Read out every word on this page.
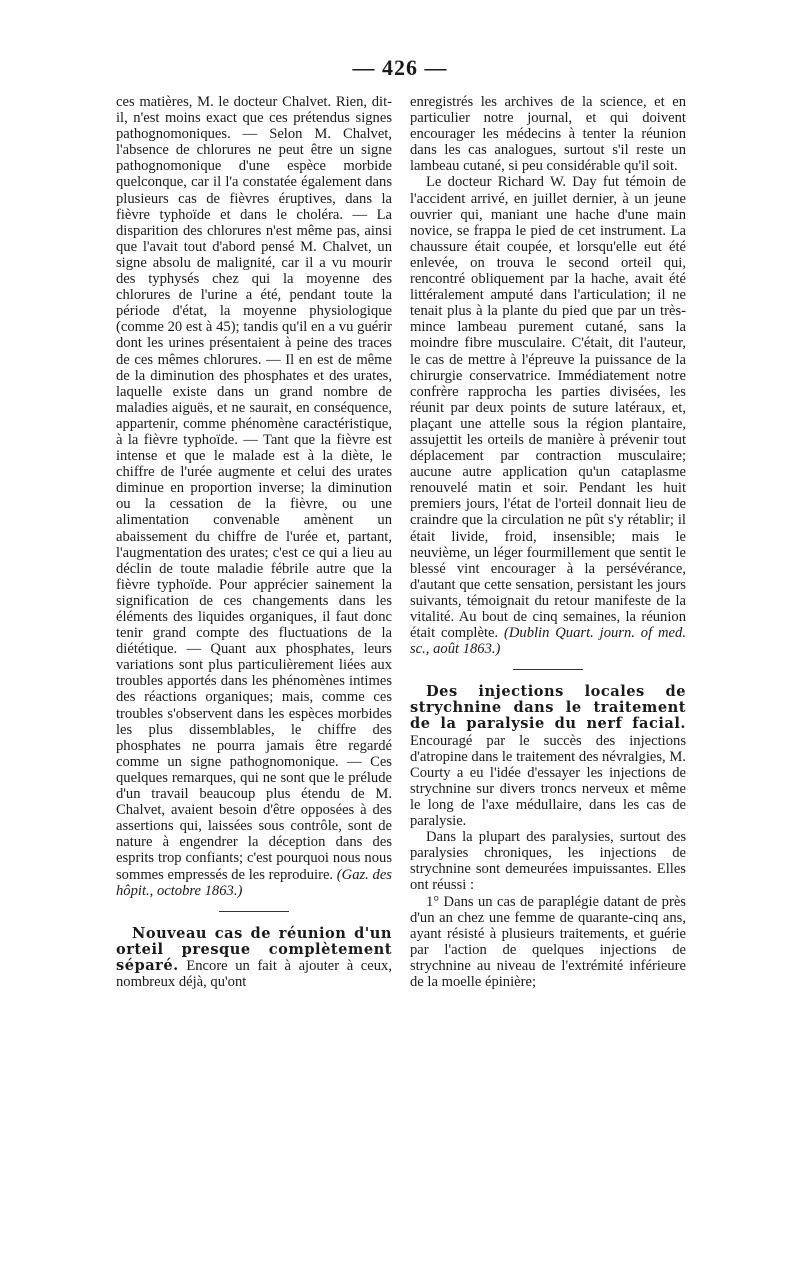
— 426 —

ces matières, M. le docteur Chalvet. Rien, dit-il, n'est moins exact que ces prétendus signes pathognomoniques. — Selon M. Chalvet, l'absence de chlorures ne peut être un signe pathognomonique d'une espèce morbide quelconque, car il l'a constatée également dans plusieurs cas de fièvres éruptives, dans la fièvre typhoïde et dans le choléra. — La disparition des chlorures n'est même pas, ainsi que l'avait tout d'abord pensé M. Chalvet, un signe absolu de malignité, car il a vu mourir des typhysés chez qui la moyenne des chlorures de l'urine a été, pendant toute la période d'état, la moyenne physiologique (comme 20 est à 45); tandis qu'il en a vu guérir dont les urines présentaient à peine des traces de ces mêmes chlorures. — Il en est de même de la diminution des phosphates et des urates, laquelle existe dans un grand nombre de maladies aiguës, et ne saurait, en conséquence, appartenir, comme phénomène caractéristique, à la fièvre typhoïde. — Tant que la fièvre est intense et que le malade est à la diète, le chiffre de l'urée augmente et celui des urates diminue en proportion inverse; la diminution ou la cessation de la fièvre, ou une alimentation convenable amènent un abaissement du chiffre de l'urée et, partant, l'augmentation des urates; c'est ce qui a lieu au déclin de toute maladie fébrile autre que la fièvre typhoïde. Pour apprécier sainement la signification de ces changements dans les éléments des liquides organiques, il faut donc tenir grand compte des fluctuations de la diététique. — Quant aux phosphates, leurs variations sont plus particulièrement liées aux troubles apportés dans les phénomènes intimes des réactions organiques; mais, comme ces troubles s'observent dans les espèces morbides les plus dissemblables, le chiffre des phosphates ne pourra jamais être regardé comme un signe pathognomonique. — Ces quelques remarques, qui ne sont que le prélude d'un travail beaucoup plus étendu de M. Chalvet, avaient besoin d'être opposées à des assertions qui, laissées sous contrôle, sont de nature à engendrer la déception dans des esprits trop confiants; c'est pourquoi nous nous sommes empressés de les reproduire. (Gaz. des hôpit., octobre 1863.)

Nouveau cas de réunion d'un orteil presque complètement séparé. Encore un fait à ajouter à ceux, nombreux déjà, qu'ont

enregistrés les archives de la science, et en particulier notre journal, et qui doivent encourager les médecins à tenter la réunion dans les cas analogues, surtout s'il reste un lambeau cutané, si peu considérable qu'il soit.

Le docteur Richard W. Day fut témoin de l'accident arrivé, en juillet dernier, à un jeune ouvrier qui, maniant une hache d'une main novice, se frappa le pied de cet instrument. La chaussure était coupée, et lorsqu'elle eut été enlevée, on trouva le second orteil qui, rencontré obliquement par la hache, avait été littéralement amputé dans l'articulation; il ne tenait plus à la plante du pied que par un très-mince lambeau purement cutané, sans la moindre fibre musculaire. C'était, dit l'auteur, le cas de mettre à l'épreuve la puissance de la chirurgie conservatrice. Immédiatement notre confrère rapprocha les parties divisées, les réunit par deux points de suture latéraux, et, plaçant une attelle sous la région plantaire, assujettit les orteils de manière à prévenir tout déplacement par contraction musculaire; aucune autre application qu'un cataplasme renouvelé matin et soir. Pendant les huit premiers jours, l'état de l'orteil donnait lieu de craindre que la circulation ne pût s'y rétablir; il était livide, froid, insensible; mais le neuvième, un léger fourmillement que sentit le blessé vint encourager à la persévérance, d'autant que cette sensation, persistant les jours suivants, témoignait du retour manifeste de la vitalité. Au bout de cinq semaines, la réunion était complète. (Dublin Quart. journ. of med. sc., août 1863.)

Des injections locales de strychnine dans le traitement de la paralysie du nerf facial. Encouragé par le succès des injections d'atropine dans le traitement des névralgies, M. Courty a eu l'idée d'essayer les injections de strychnine sur divers troncs nerveux et même le long de l'axe médullaire, dans les cas de paralysie.

Dans la plupart des paralysies, surtout des paralysies chroniques, les injections de strychnine sont demeurées impuissantes. Elles ont réussi :

1° Dans un cas de paraplégie datant de près d'un an chez une femme de quarante-cinq ans, ayant résisté à plusieurs traitements, et guérie par l'action de quelques injections de strychnine au niveau de l'extrémité inférieure de la moelle épinière;
